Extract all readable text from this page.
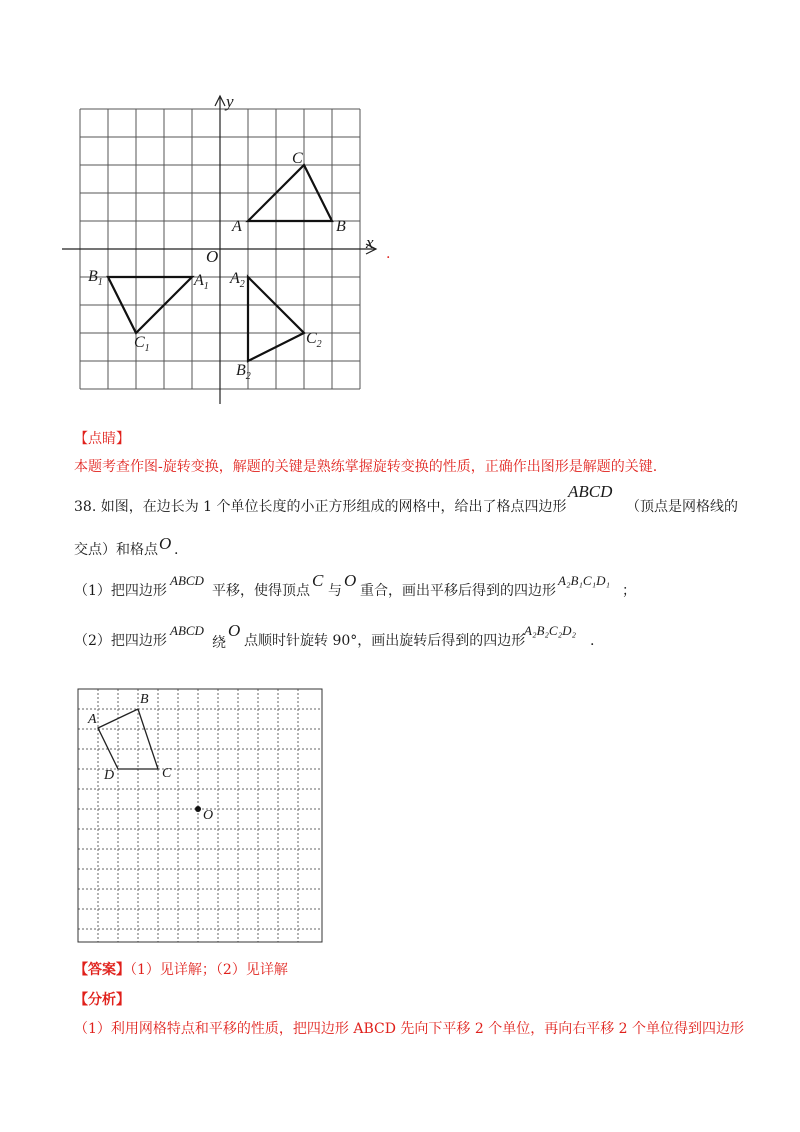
y
x
O
A	B
C
$B_1$	$A_1$
$C_1$
$A_2$
$C_2$
$B_2$
.
【点睛】
本题考查作图-旋转变换，解题的关键是熟练掌握旋转变换的性质，正确作出图形是解题的关键.
38. 如图，在边长为 1 个单位长度的小正方形组成的网格中，给出了格点四边形
ABCD
（顶点是网格线的
交点）和格点 O .
（1）把四边形
ABCD
平移，使得顶点
C
与
O
重合，画出平移后得到的四边形
A₂B₁C₁D₁
；
（2）把四边形
ABCD
绕
O
点顺时针旋转 90°，画出旋转后得到的四边形
A₂B₂C₂D₂
.
A
B
C
D
O
【答案】（1）见详解；（2）见详解
【分析】
（1）利用网格特点和平移的性质，把四边形 ABCD 先向下平移 2 个单位，再向右平移 2 个单位得到四边形
